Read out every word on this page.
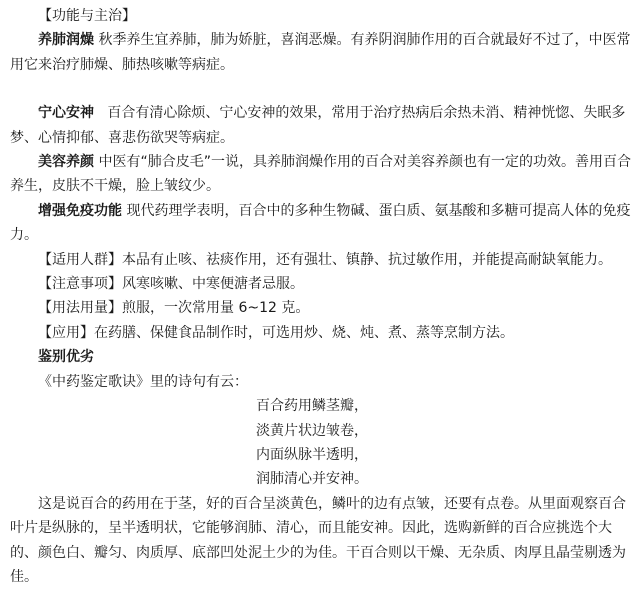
【功能与主治】

养肺润燥 秋季养生宜养肺，肺为娇脏，喜润恶燥。有养阴润肺作用的百合就最好不过了，中医常用它来治疗肺燥、肺热咳嗽等病症。

宁心安神 百合有清心除烦、宁心安神的效果，常用于治疗热病后余热未消、精神恍惚、失眠多梦、心情抑郁、喜悲伤欲哭等病症。

美容养颜 中医有“肺合皮毛”一说，具养肺润燥作用的百合对美容养颜也有一定的功效。善用百合养生，皮肤不干燥，脸上皱纹少。

增强免疫功能 现代药理学表明，百合中的多种生物碱、蛋白质、氨基酸和多糖可提高人体的免疫力。

【适用人群】本品有止咳、祛痰作用，还有强壮、镇静、抗过敏作用，并能提高耐缺氧能力。

【注意事项】风寒咳嗽、中寒便溏者忌服。

【用法用量】煎服，一次常用量 6~12 克。

【应用】在药膳、保健食品制作时，可选用炒、烧、炖、煮、蒸等烹制方法。

鉴别优劣

《中药鉴定歌诀》里的诗句有云：

百合药用鳞茎瓣，
淡黄片状边皱卷，
内面纵脉半透明，
润肺清心并安神。

这是说百合的药用在于茎，好的百合呈淡黄色，鳞叶的边有点皱，还要有点卷。从里面观察百合叶片是纵脉的，呈半透明状，它能够润肺、清心，而且能安神。因此，选购新鲜的百合应挑选个大的、颜色白、瓣匀、肉质厚、底部凹处泥土少的为佳。干百合则以干燥、无杂质、肉厚且晶莹剔透为佳。
